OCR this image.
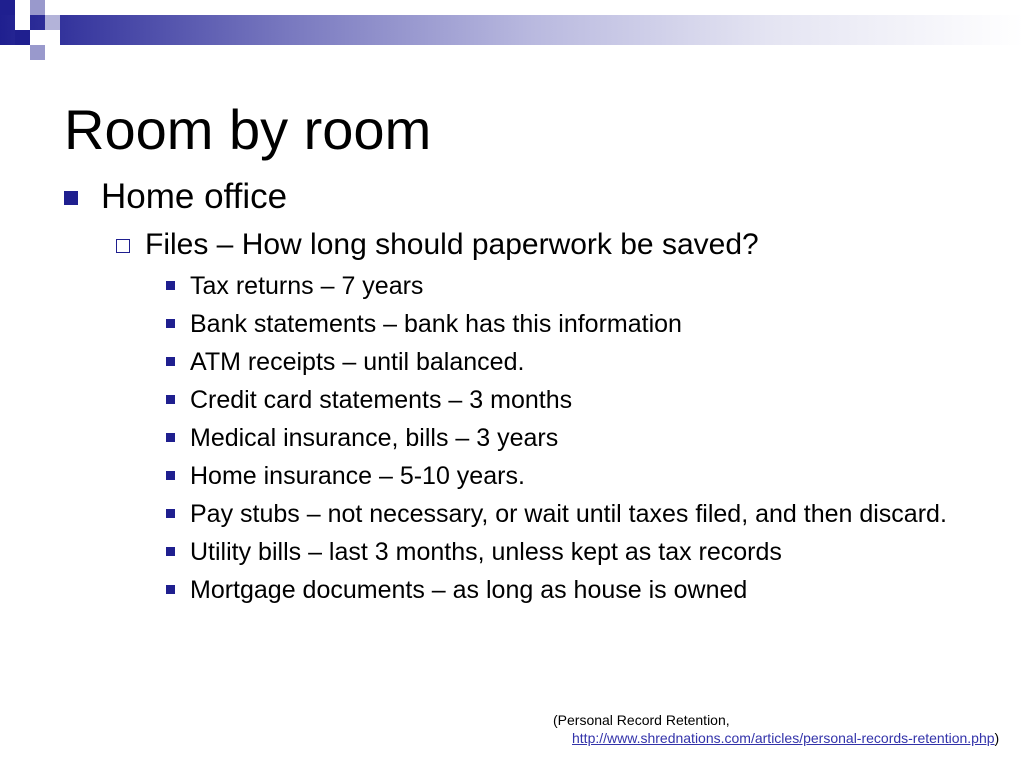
Room by room
Home office
Files – How long should paperwork be saved?
Tax returns – 7 years
Bank statements – bank has this information
ATM receipts – until balanced.
Credit card statements – 3 months
Medical insurance, bills – 3 years
Home insurance – 5-10 years.
Pay stubs – not necessary, or wait until taxes filed, and then discard.
Utility bills – last 3 months, unless kept as tax records
Mortgage documents – as long as house is owned
(Personal Record Retention,
http://www.shrednations.com/articles/personal-records-retention.php)
